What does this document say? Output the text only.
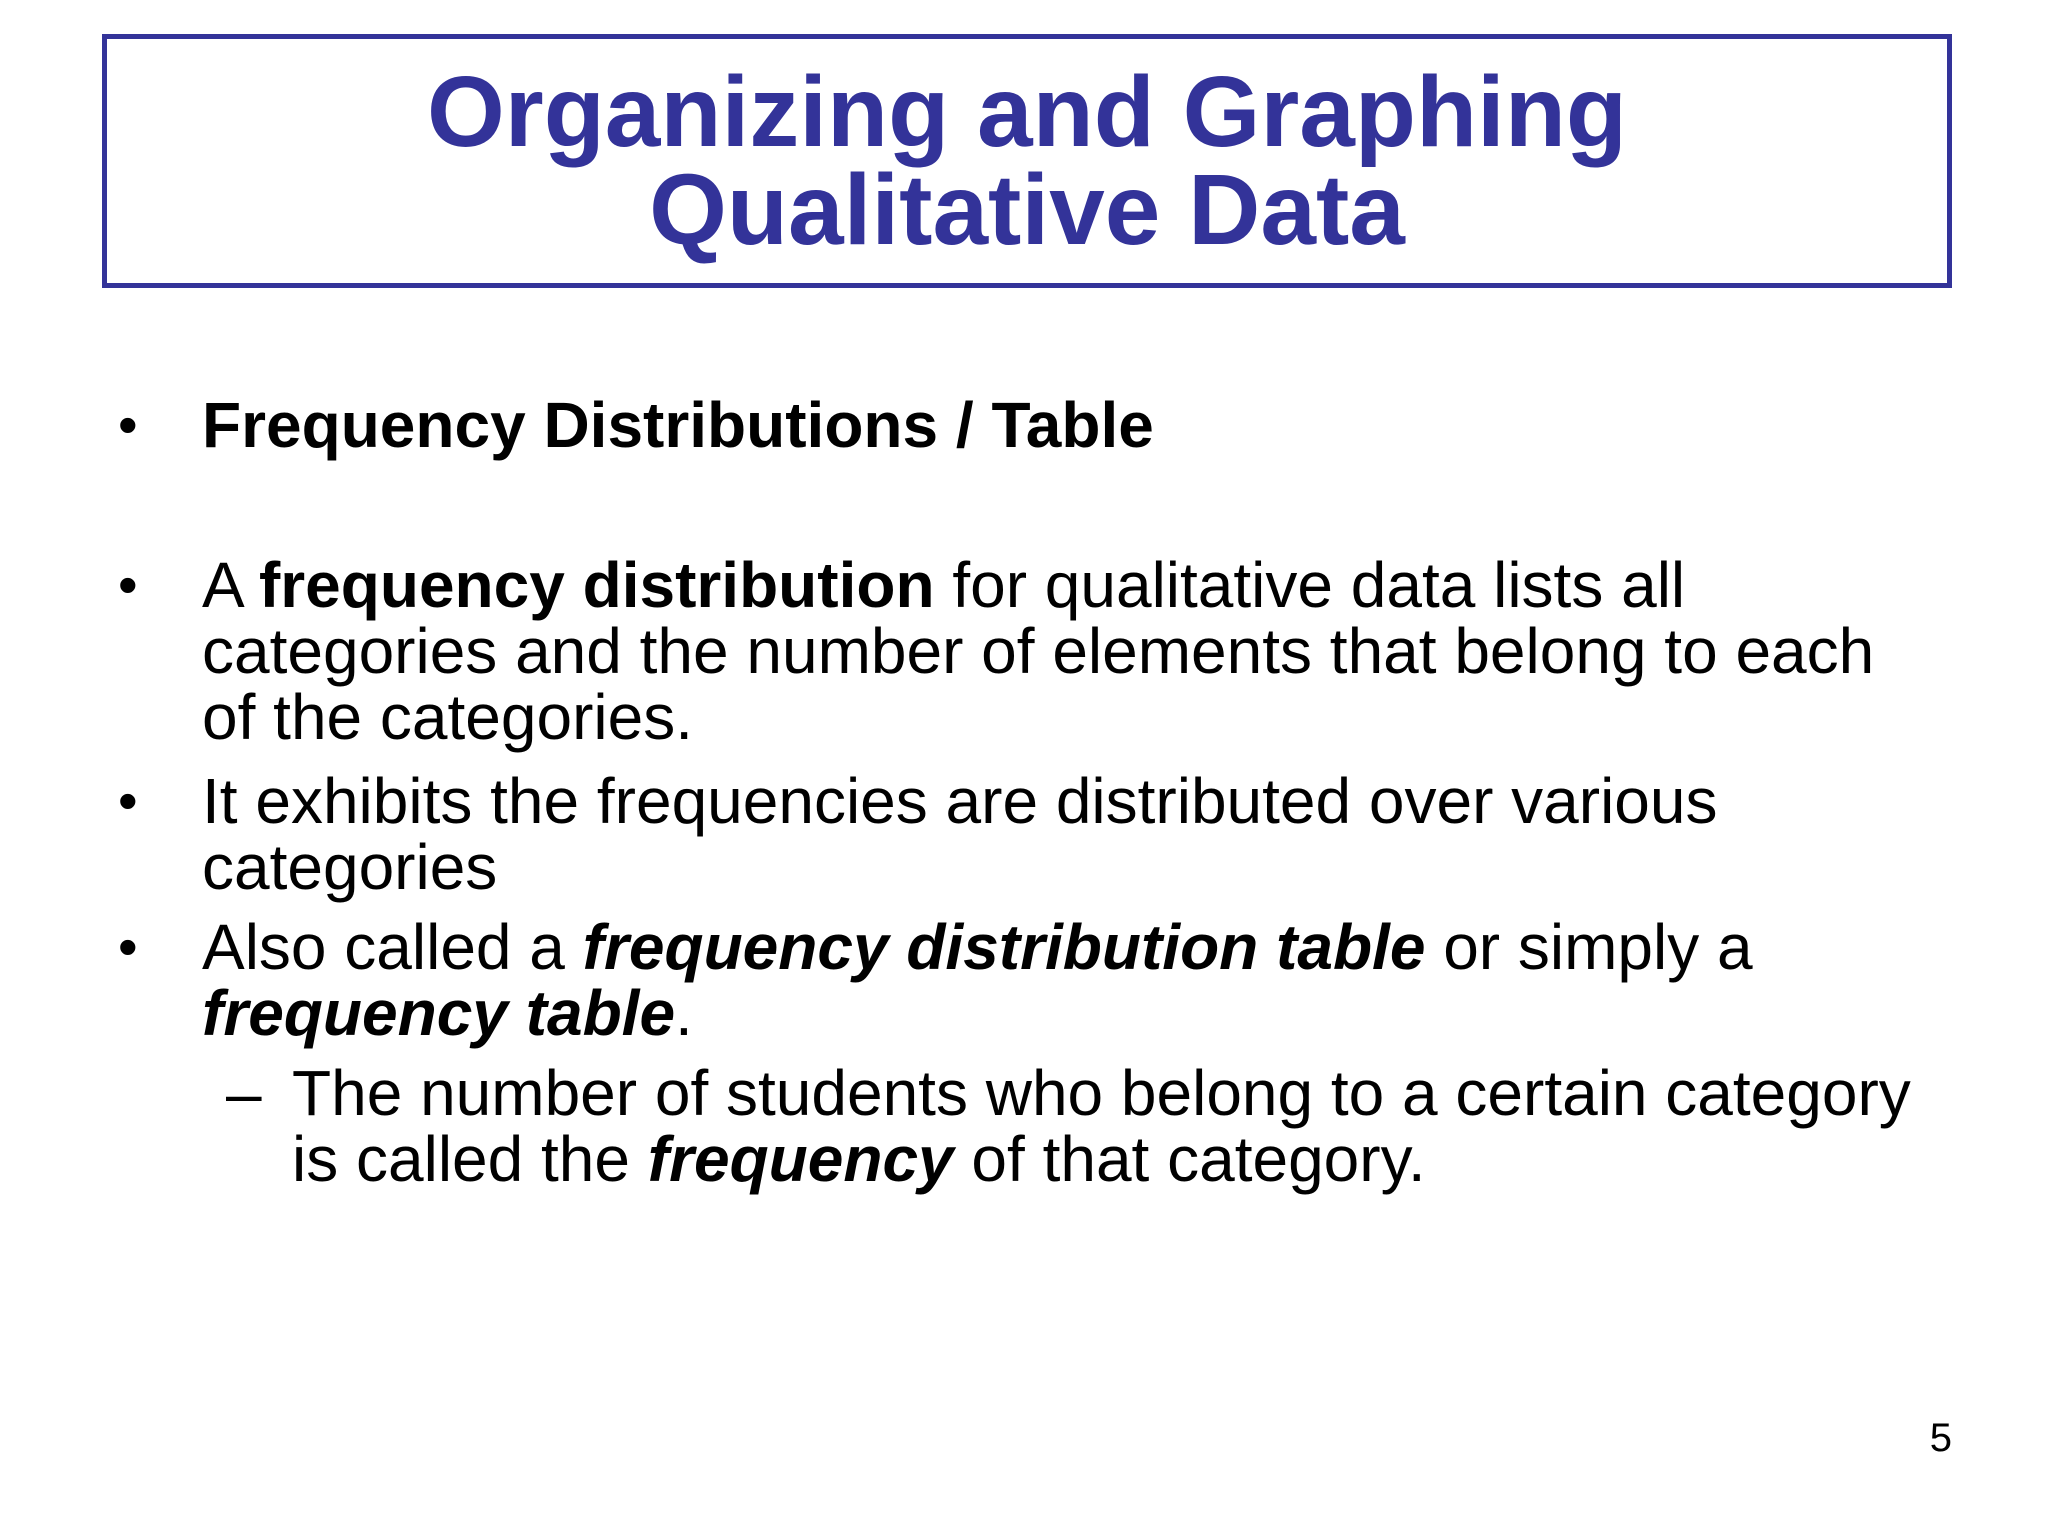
Organizing and Graphing
Qualitative Data
•	Frequency Distributions / Table
•	A frequency distribution for qualitative data lists all categories and the number of elements that belong to each of the categories.
•	It exhibits the frequencies are distributed over various categories
•	Also called a frequency distribution table or simply a frequency table.
– The number of students who belong to a certain category is called the frequency of that category.
5
